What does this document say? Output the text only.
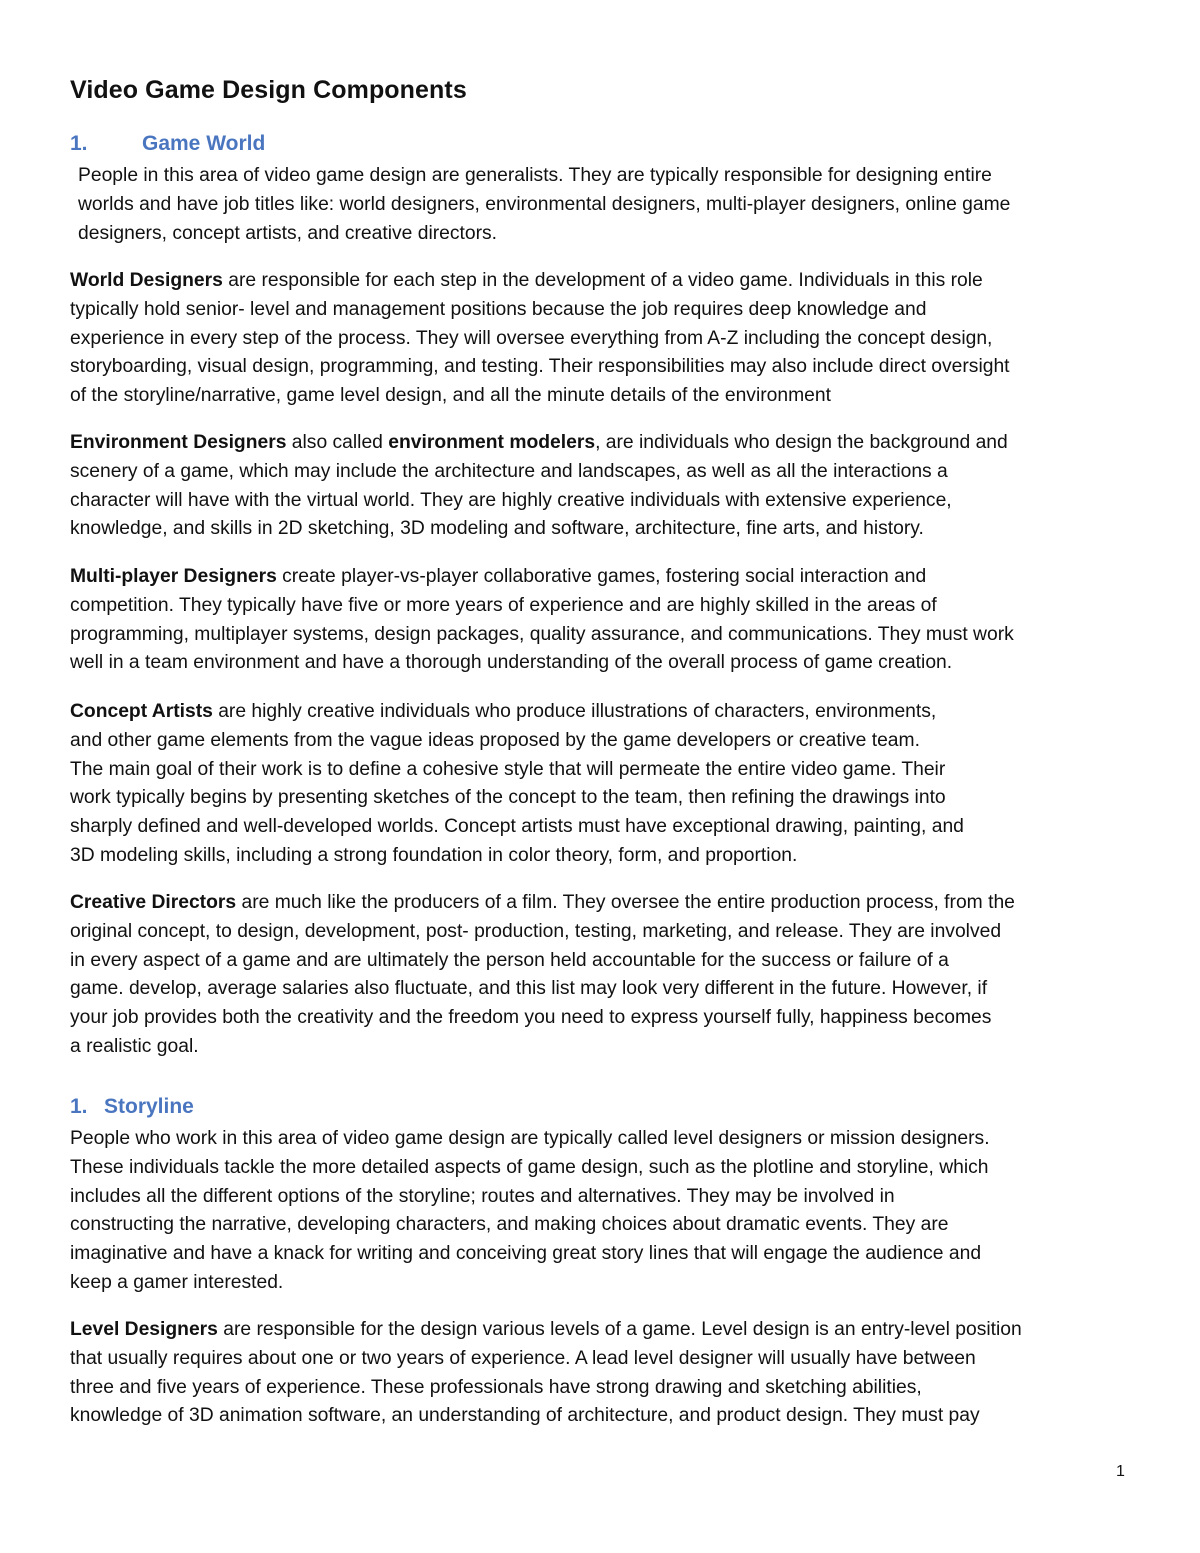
Video Game Design Components
1.	Game World
People in this area of video game design are generalists. They are typically responsible for designing entire
worlds and have job titles like: world designers, environmental designers, multi-player designers, online game
designers, concept artists, and creative directors.
World Designers are responsible for each step in the development of a video game. Individuals in this role
typically hold senior- level and management positions because the job requires deep knowledge and
experience in every step of the process. They will oversee everything from A-Z including the concept design,
storyboarding, visual design, programming, and testing. Their responsibilities may also include direct oversight
of the storyline/narrative, game level design, and all the minute details of the environment
Environment Designers also called environment modelers, are individuals who design the background and
scenery of a game, which may include the architecture and landscapes, as well as all the interactions a
character will have with the virtual world. They are highly creative individuals with extensive experience,
knowledge, and skills in 2D sketching, 3D modeling and software, architecture, fine arts, and history.
Multi-player Designers create player-vs-player collaborative games, fostering social interaction and
competition. They typically have five or more years of experience and are highly skilled in the areas of
programming, multiplayer systems, design packages, quality assurance, and communications. They must work
well in a team environment and have a thorough understanding of the overall process of game creation.
Concept Artists are highly creative individuals who produce illustrations of characters, environments,
and other game elements from the vague ideas proposed by the game developers or creative team.
The main goal of their work is to define a cohesive style that will permeate the entire video game. Their
work typically begins by presenting sketches of the concept to the team, then refining the drawings into
sharply defined and well-developed worlds. Concept artists must have exceptional drawing, painting, and
3D modeling skills, including a strong foundation in color theory, form, and proportion.
Creative Directors are much like the producers of a film. They oversee the entire production process, from the
original concept, to design, development, post- production, testing, marketing, and release. They are involved
in every aspect of a game and are ultimately the person held accountable for the success or failure of a
game. develop, average salaries also fluctuate, and this list may look very different in the future. However, if
your job provides both the creativity and the freedom you need to express yourself fully, happiness becomes
a realistic goal.
1. Storyline
People who work in this area of video game design are typically called level designers or mission designers.
These individuals tackle the more detailed aspects of game design, such as the plotline and storyline, which
includes all the different options of the storyline; routes and alternatives. They may be involved in
constructing the narrative, developing characters, and making choices about dramatic events. They are
imaginative and have a knack for writing and conceiving great story lines that will engage the audience and
keep a gamer interested.
Level Designers are responsible for the design various levels of a game. Level design is an entry-level position
that usually requires about one or two years of experience. A lead level designer will usually have between
three and five years of experience. These professionals have strong drawing and sketching abilities,
knowledge of 3D animation software, an understanding of architecture, and product design. They must pay
1
